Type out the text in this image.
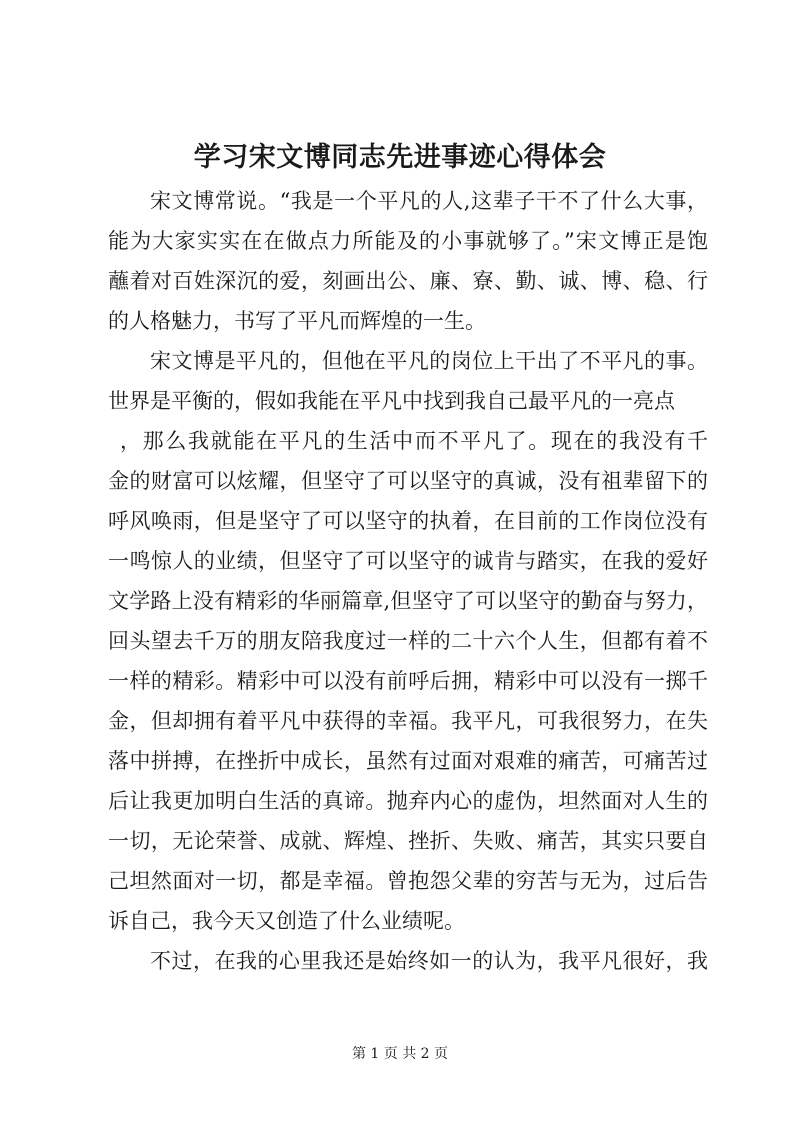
学习宋文博同志先进事迹心得体会
宋文博常说。“我是一个平凡的人,这辈子干不了什么大事，
能为大家实实在在做点力所能及的小事就够了。”宋文博正是饱
蘸着对百姓深沉的爱，刻画出公、廉、寮、勤、诚、博、稳、行
的人格魅力，书写了平凡而辉煌的一生。
宋文博是平凡的，但他在平凡的岗位上干出了不平凡的事。
世界是平衡的，假如我能在平凡中找到我自己最平凡的一亮点
，那么我就能在平凡的生活中而不平凡了。现在的我没有千
金的财富可以炫耀，但坚守了可以坚守的真诚，没有祖辈留下的
呼风唤雨，但是坚守了可以坚守的执着，在目前的工作岗位没有
一鸣惊人的业绩，但坚守了可以坚守的诚肯与踏实，在我的爱好
文学路上没有精彩的华丽篇章,但坚守了可以坚守的勤奋与努力，
回头望去千万的朋友陪我度过一样的二十六个人生，但都有着不
一样的精彩。精彩中可以没有前呼后拥，精彩中可以没有一掷千
金，但却拥有着平凡中获得的幸福。我平凡，可我很努力，在失
落中拼搏，在挫折中成长，虽然有过面对艰难的痛苦，可痛苦过
后让我更加明白生活的真谛。抛弃内心的虚伪，坦然面对人生的
一切，无论荣誉、成就、辉煌、挫折、失败、痛苦，其实只要自
己坦然面对一切，都是幸福。曾抱怨父辈的穷苦与无为，过后告
诉自己，我今天又创造了什么业绩呢。
不过，在我的心里我还是始终如一的认为，我平凡很好，我
第 1 页 共 2 页
